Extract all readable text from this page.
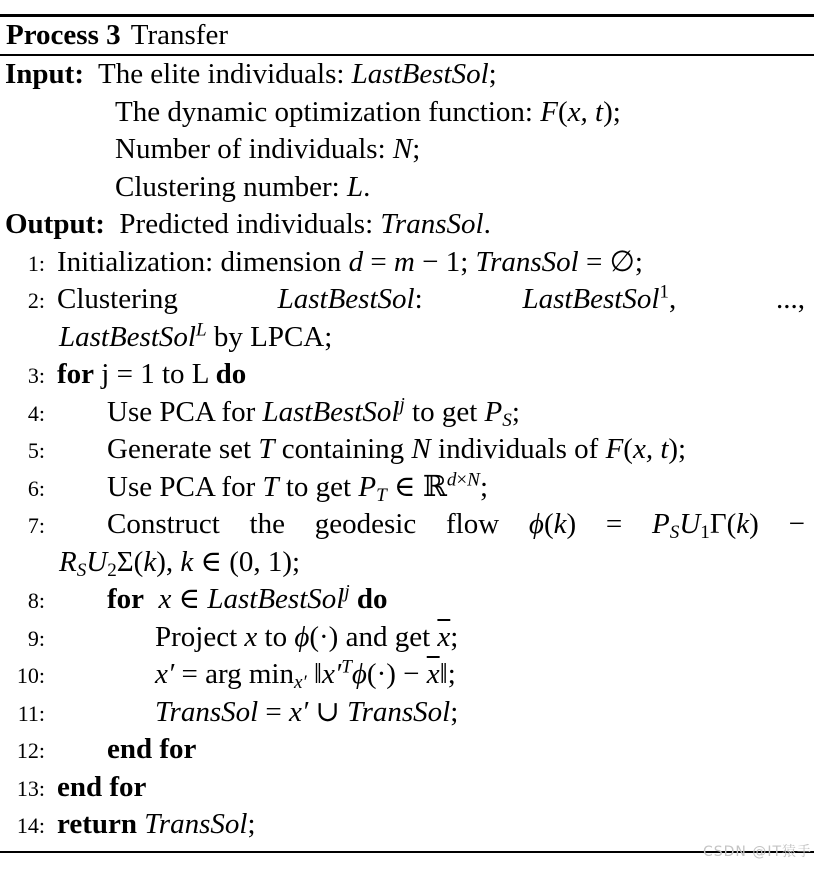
Process 3 Transfer
Input:  The elite individuals: LastBestSol;
The dynamic optimization function: F(x, t);
Number of individuals: N;
Clustering number: L.
Output:  Predicted individuals: TransSol.
1: Initialization: dimension d = m − 1; TransSol = ∅;
2: Clustering	LastBestSol:	LastBestSol$^1$,	...,
LastBestSol$^L$ by LPCA;
3: for j = 1 to L do
4: Use PCA for LastBestSol$^j$ to get $P_S$;
5: Generate set T containing N individuals of F(x, t);
6: Use PCA for T to get $P_T$ ∈ ℝ$^{d\times N}$;
7: Construct the geodesic flow $\phi(k) = P_SU_1\Gamma(k)$ −
$R_SU_2\Sigma(k)$, k ∈ (0, 1);
8: for x ∈ LastBestSol$^j$ do
9:	Project x to ϕ(·) and get $\overline{x}$;
10:	x′ = arg $\min_{x'}$ $‖x'^T\phi(\cdot)$ − $\overline{x}‖$;
11:	TransSol = x′ ∪ TransSol;
12: end for
13: end for
14: return TransSol;
CSDN @IT猿手
